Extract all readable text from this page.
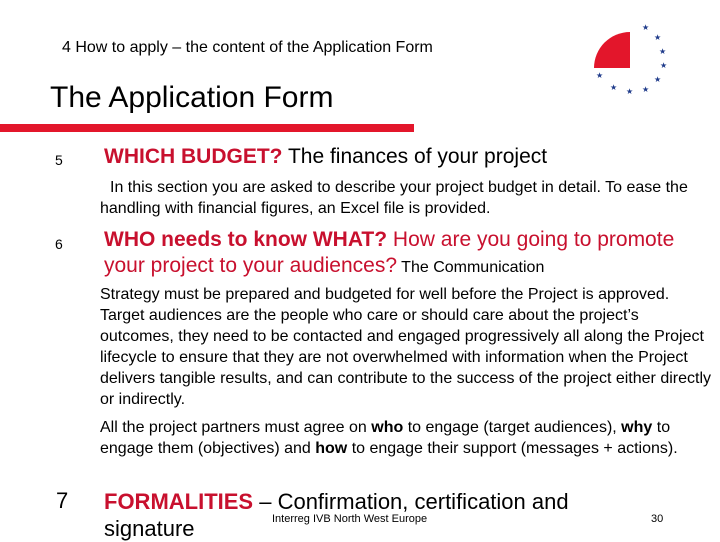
4 How to apply – the content of the Application Form
The Application Form
★
★
★
★
★
★
★
★
★
5 WHICH BUDGET? The finances of your project
In this section you are asked to describe your project budget in detail. To ease the handling with financial figures, an Excel file is provided.
6 WHO needs to know WHAT? How are you going to promote your project to your audiences? The Communication
Strategy must be prepared and budgeted for well before the Project is approved. Target audiences are the people who care or should care about the project’s outcomes, they need to be contacted and engaged progressively all along the Project lifecycle to ensure that they are not overwhelmed with information when the Project delivers tangible results, and can contribute to the success of the project either directly or indirectly.
All the project partners must agree on who to engage (target audiences), why to engage them (objectives) and how to engage their support (messages + actions).
7 FORMALITIES – Confirmation, certification and signature	Interreg IVB North West Europe	30
